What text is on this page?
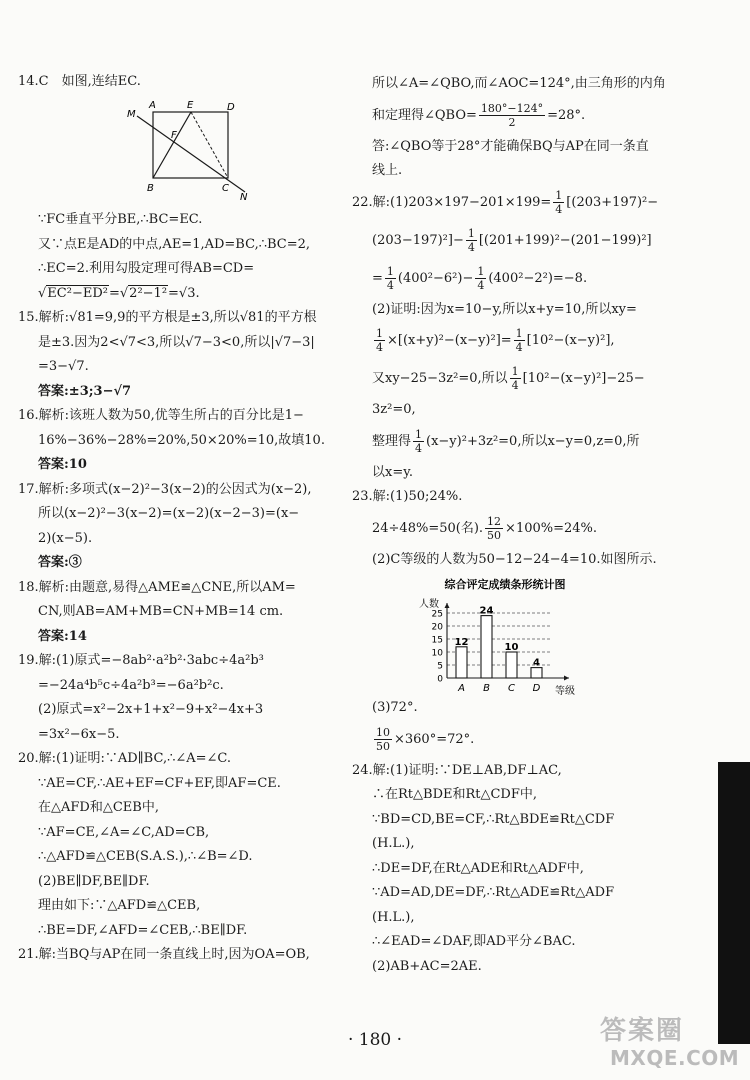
14.C　如图,连结EC.
A	E	D
M
F
B	C
N
∵FC垂直平分BE,∴BC=EC.
又∵点E是AD的中点,AE=1,AD=BC,∴BC=2,
∴EC=2.利用勾股定理可得AB=CD=
√EC²−ED²=√2²−1²=√3.
15.解析:√81=9,9的平方根是±3,所以√81的平方根
是±3.因为2<√7<3,所以√7−3<0,所以|√7−3|
=3−√7.
答案:±3;3−√7
16.解析:该班人数为50,优等生所占的百分比是1−
16%−36%−28%=20%,50×20%=10,故填10.
答案:10
17.解析:多项式(x−2)²−3(x−2)的公因式为(x−2),
所以(x−2)²−3(x−2)=(x−2)(x−2−3)=(x−
2)(x−5).
答案:③
18.解析:由题意,易得△AME≌△CNE,所以AM=
CN,则AB=AM+MB=CN+MB=14 cm.
答案:14
19.解:(1)原式=−8ab²·a²b²·3abc÷4a²b³
=−24a⁴b⁵c÷4a²b³=−6a²b²c.
(2)原式=x²−2x+1+x²−9+x²−4x+3
=3x²−6x−5.
20.解:(1)证明:∵AD∥BC,∴∠A=∠C.
∵AE=CF,∴AE+EF=CF+EF,即AF=CE.
在△AFD和△CEB中,
∵AF=CE,∠A=∠C,AD=CB,
∴△AFD≌△CEB(S.A.S.),∴∠B=∠D.
(2)BE∥DF,BE∥DF.
理由如下:∵△AFD≌△CEB,
∴BE=DF,∠AFD=∠CEB,∴BE∥DF.
21.解:当BQ与AP在同一条直线上时,因为OA=OB,
所以∠A=∠QBO,而∠AOC=124°,由三角形的内角
和定理得∠QBO= $\frac{180^\circ-124^\circ}{2} =28^\circ$.
答:∠QBO等于28°才能确保BQ与AP在同一条直
线上.
22.解:(1)203×197−201×199= $\frac{1}{4} [(203+197)^2-$
$(203-197)^2]- \frac{1}{4} [(201+199)^2-(201-199)^2]$
= $\frac{1}{4} (400^2-6^2)- \frac{1}{4} (400^2-2^2)=-8$.
(2)证明:因为x=10−y,所以x+y=10,所以xy=
$\frac{1}{4} \times[(x+y)^2-(x-y)^2]= \frac{1}{4} [10^2-(x-y)^2]$,
又xy−25−3z²=0,所以 $\frac{1}{4} [10^2-(x-y)^2]-25-$
3z²=0,
整理得 $\frac{1}{4} (x-y)^2+3z^2=0$,所以x−y=0,z=0,所
以x=y.
23.解:(1)50;24%.
24÷48%=50(名). $\frac{12}{50} \times 100\%=24\%$.
(2)C等级的人数为50−12−24−4=10.如图所示.
综合评定成绩条形统计图
人数
等级
0
5
10
15
20
25
12
A
24
B
10
C
4
D
(3)72°.
$\frac{10}{50} \times 360^\circ=72^\circ$.
24.解:(1)证明:∵DE⊥AB,DF⊥AC,
∴在Rt△BDE和Rt△CDF中,
∵BD=CD,BE=CF,∴Rt△BDE≌Rt△CDF
(H.L.),
∴DE=DF,在Rt△ADE和Rt△ADF中,
∵AD=AD,DE=DF,∴Rt△ADE≌Rt△ADF
(H.L.),
∴∠EAD=∠DAF,即AD平分∠BAC.
(2)AB+AC=2AE.
· 180 ·	答案圈
MXQE.COM
